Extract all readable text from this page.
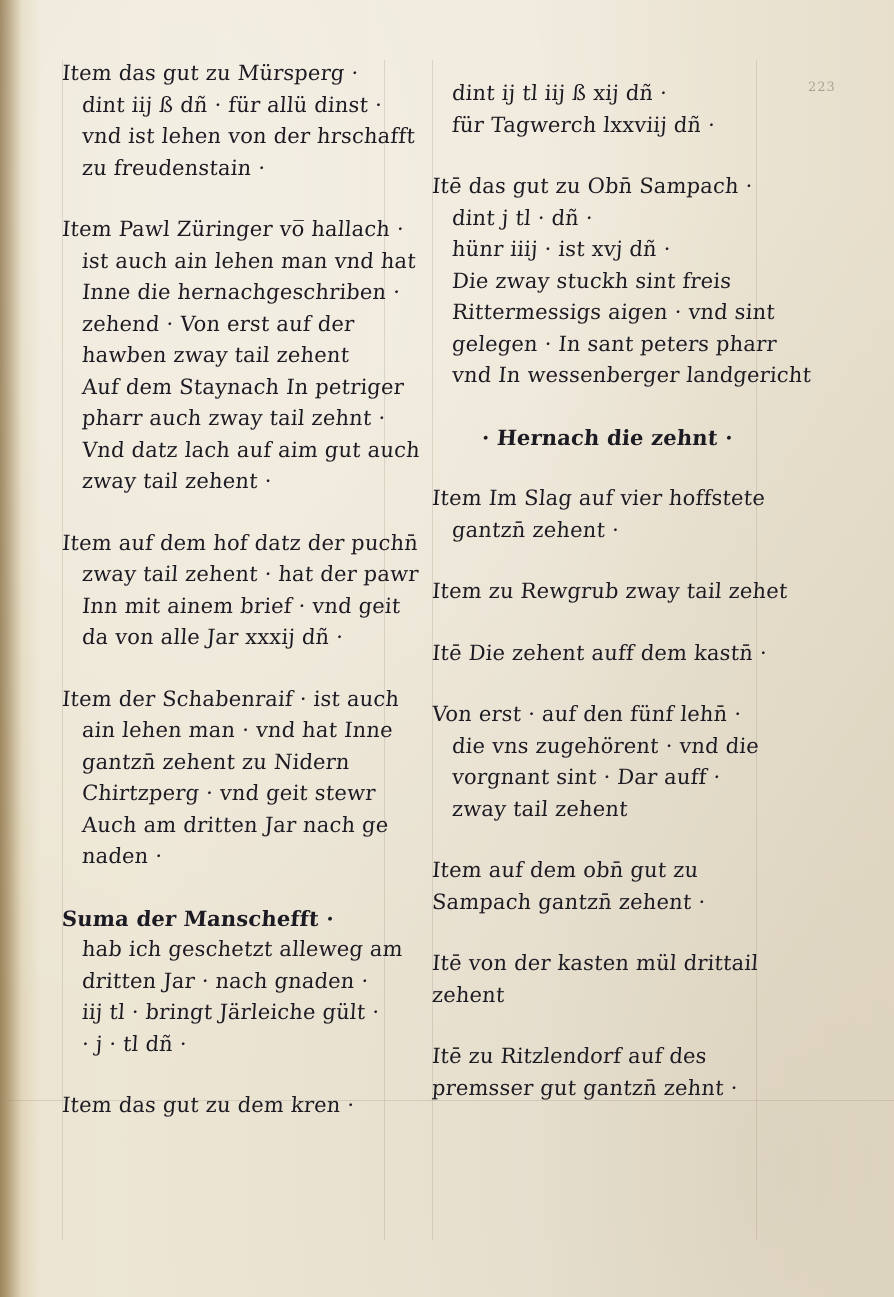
223
Item das gut zu Mürsperg ·
dint iij ß dñ · für allü dinst ·
vnd ist lehen von der hrschafft
zu freudenstain ·
Item Pawl Züringer vo̅ hallach ·
ist auch ain lehen man vnd hat
Inne die hernachgeschriben ·
zehend · Von erst auf der
hawben zway tail zehent
Auf dem Staynach In petriger
pharr auch zway tail zehnt ·
Vnd datz lach auf aim gut auch
zway tail zehent ·
Item auf dem hof datz der puchn̄
zway tail zehent · hat der pawr
Inn mit ainem brief · vnd geit
da von alle Jar xxxij dñ ·
Item der Schabenraif · ist auch
ain lehen man · vnd hat Inne
gantzn̄ zehent zu Nidern
Chirtzperg · vnd geit stewr
Auch am dritten Jar nach ge
naden ·
Suma der Manschefft ·
hab ich geschetzt alleweg am
dritten Jar · nach gnaden ·
iij tl · bringt Järleiche gült ·
· j · tl dñ ·
Item das gut zu dem kren ·
dint ij tl iij ß xij dñ ·
für Tagwerch lxxviij dñ ·
Itē das gut zu Obn̄ Sampach ·
dint j tl · dñ ·
hünr iiij · ist xvj dñ ·
Die zway stuckh sint freis
Rittermessigs aigen · vnd sint
gelegen · In sant peters pharr
vnd In wessenberger landgericht
· Hernach die zehnt ·
Item Im Slag auf vier hoffstete
gantzn̄ zehent ·
Item zu Rewgrub zway tail zehet
Itē Die zehent auff dem kastn̄ ·
Von erst · auf den fünf lehn̄ ·
die vns zugehörent · vnd die
vorgnant sint · Dar auff ·
zway tail zehent
Item auf dem obn̄ gut zu
Sampach gantzn̄ zehent ·
Itē von der kasten mül drittail
zehent
Itē zu Ritzlendorf auf des
premsser gut gantzn̄ zehnt ·
